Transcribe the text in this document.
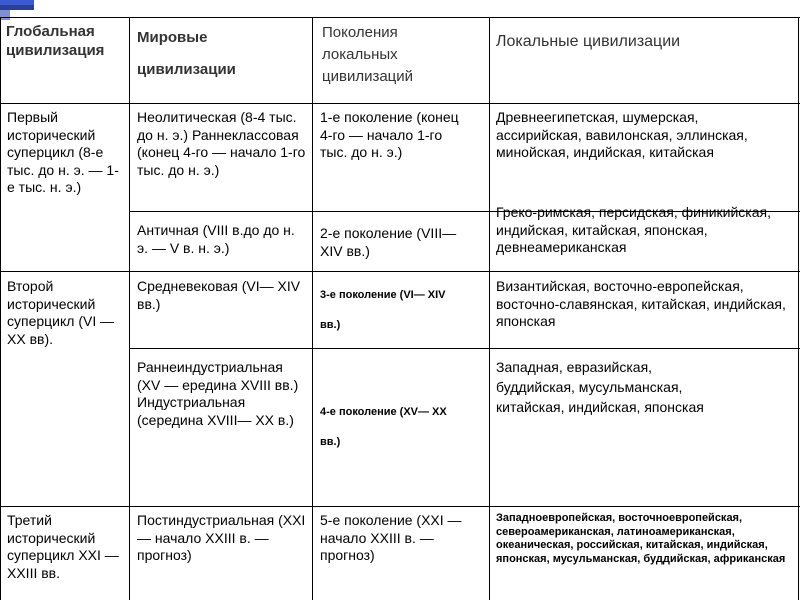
Глобальная цивилизация
Мировые цивилизации
Поколения локальных цивилизаций
Локальные цивилизации
Первый исторический суперцикл (8-е тыс. до н. э. — 1-е тыс. н. э.)
Неолитическая (8-4 тыс. до н. э.) Раннеклассовая (конец 4-го — начало 1-го тыс. до н. э.)
1-е поколение (конец 4-го — начало 1-го тыс. до н. э.)
Древнеегипетская, шумерская, ассирийская, вавилонская, эллинская, минойская, индийская, китайская
Античная (VIII в.до до н. э. — V в. н. э.)
2-е поколение (VIII— XIV вв.)
Греко-римская, персидская, финикийская, индийская, китайская, японская, девнеамериканская
Второй исторический суперцикл (VI —XX вв).
Средневековая (VI— XIV вв.)
3-е поколение (VI— XIV вв.)
Византийская, восточно-европейская, восточно-славянская, китайская, индийская, японская
Раннеиндустриальная (XV — ередина XVIII вв.) Индустриальная (середина XVIII— XX в.)	4-е поколение (XV— XX вв.)
Западная, евразийская, буддийская, мусульманская, китайская, индийская, японская
Третий исторический суперцикл XXI —XXIII вв.
Постиндустриальная (XXI — начало XXIII в. — прогноз)
5-е поколение (XXI — начало XXIII в. — прогноз)
Западноевропейская, восточноевропейская, североамериканская, латиноамериканская, океаническая, российская, китайская, индийская, японская, мусульманская, буддийская, африканская
